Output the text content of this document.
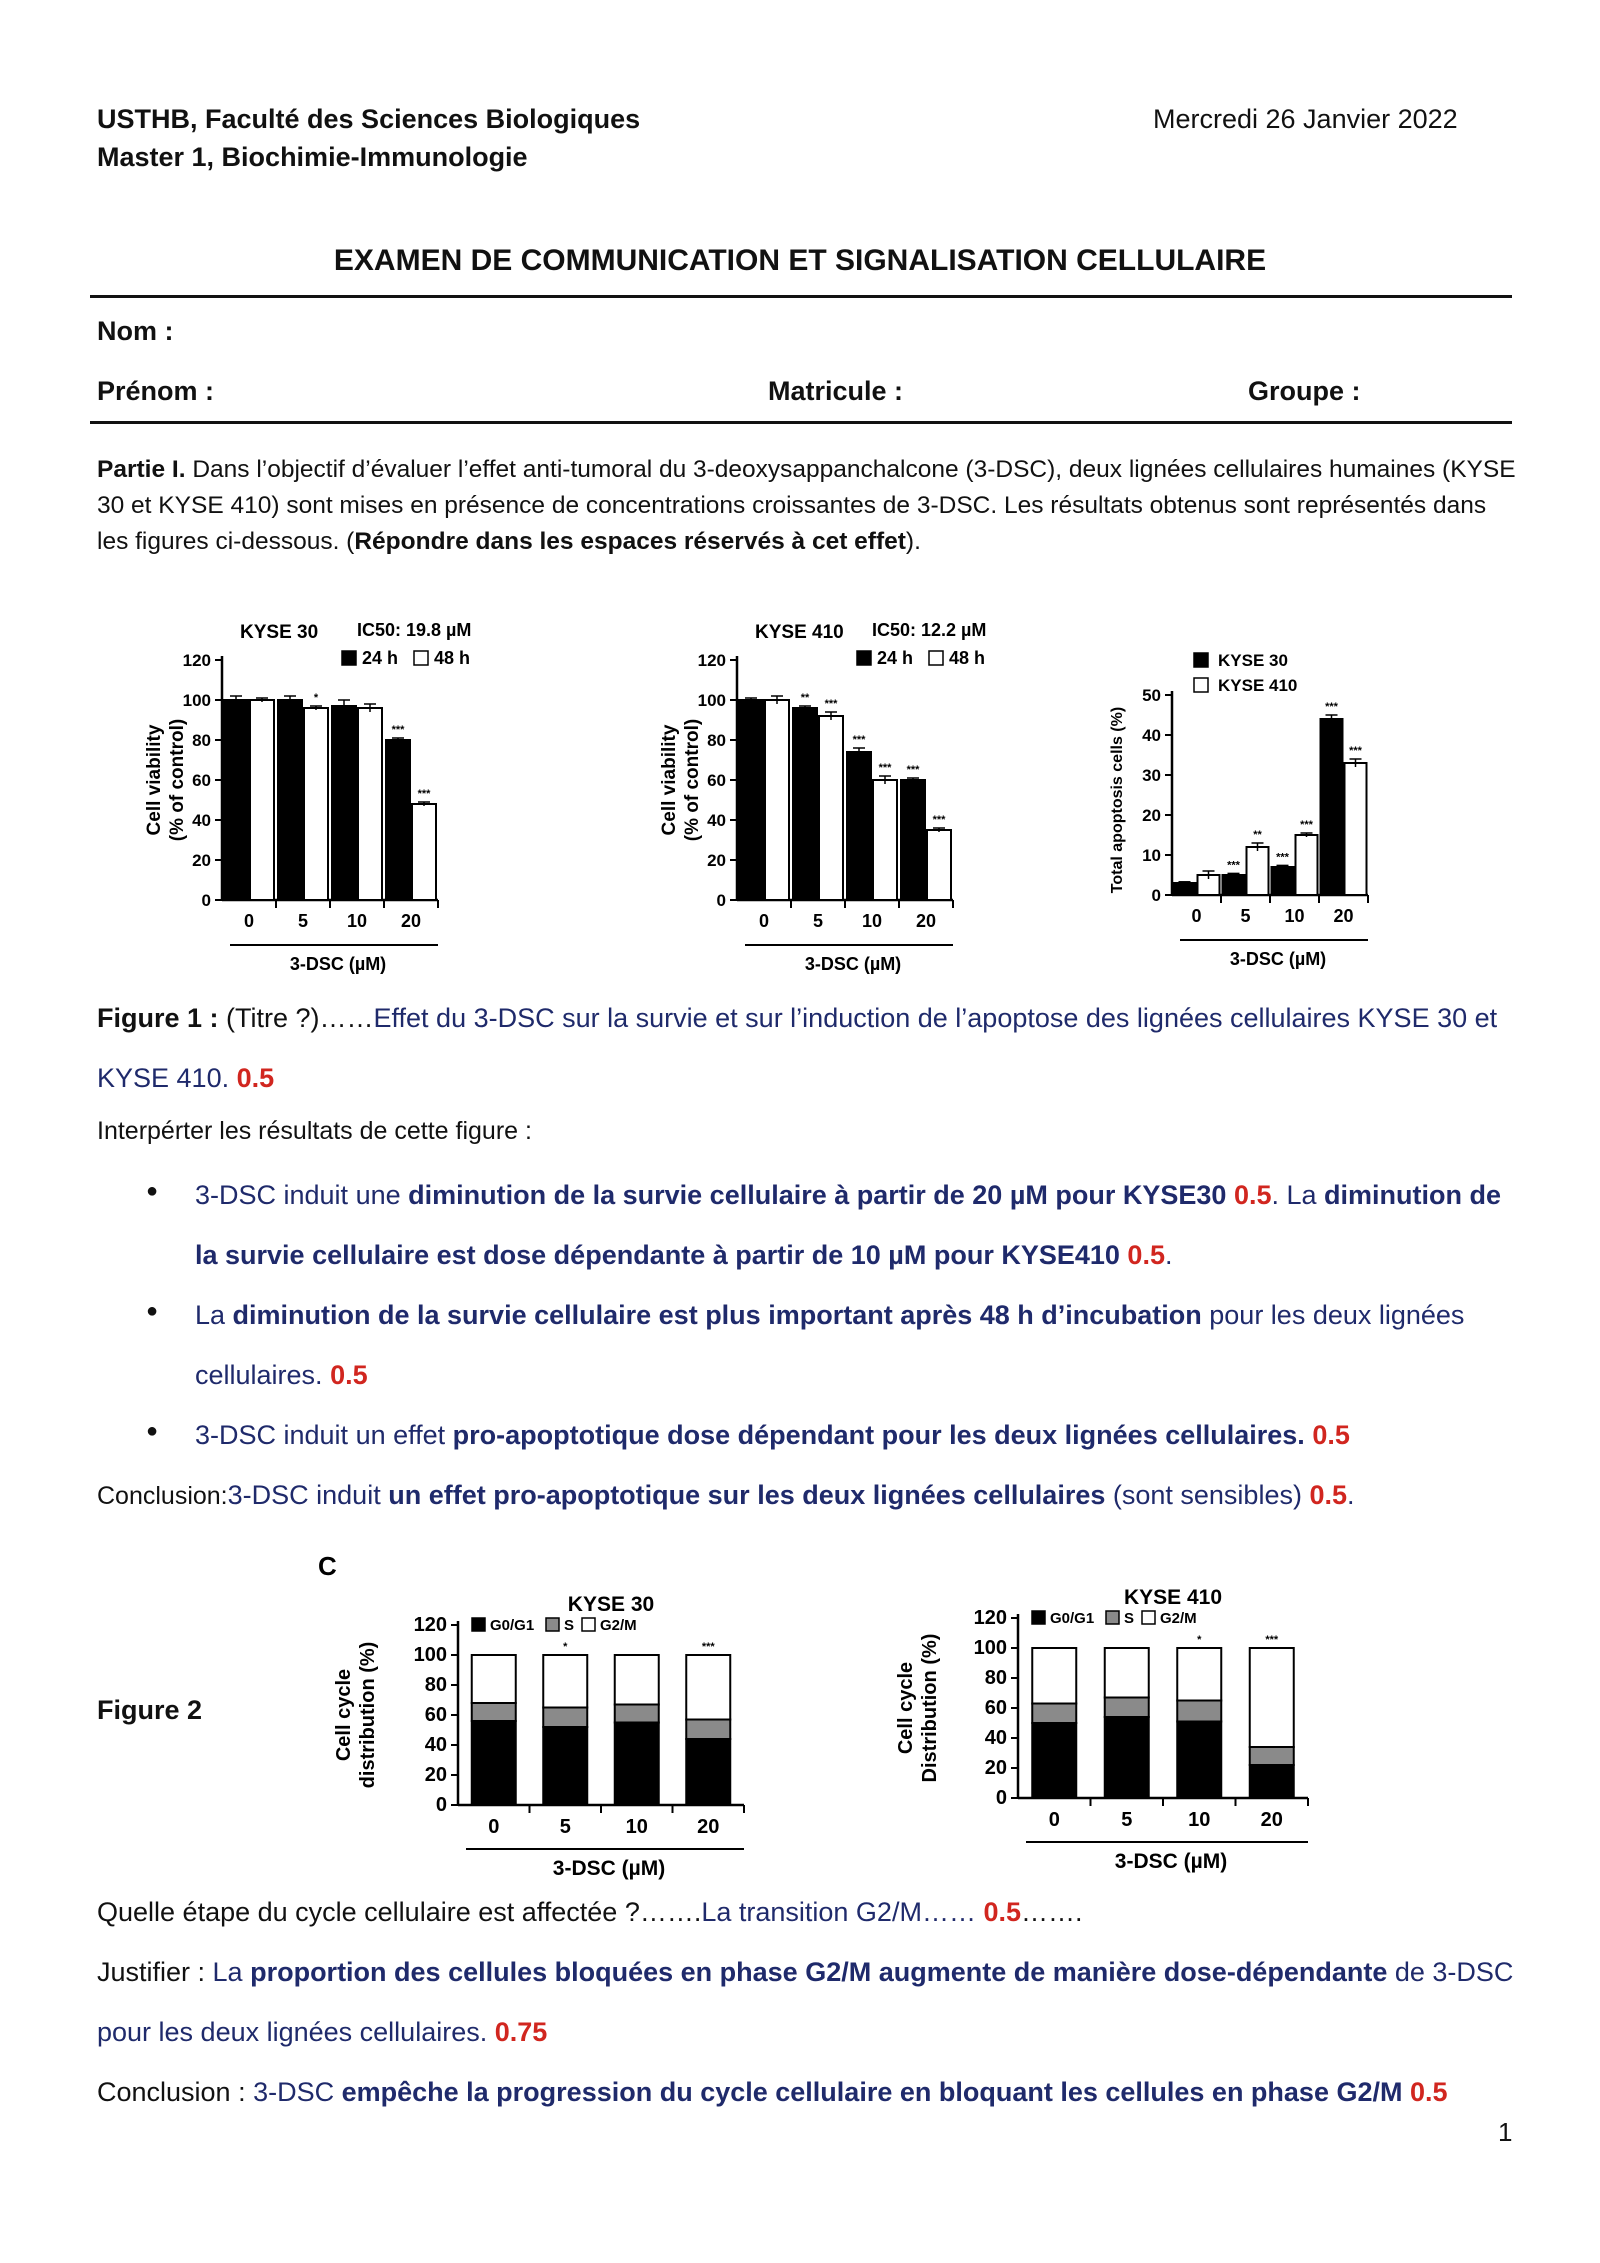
USTHB, Faculté des Sciences Biologiques
Master 1, Biochimie-Immunologie
Mercredi 26 Janvier 2022
EXAMEN DE COMMUNICATION ET SIGNALISATION CELLULAIRE
Nom :
Prénom :	Matricule :	Groupe :
Partie I. Dans l’objectif d’évaluer l’effet anti-tumoral du 3-deoxysappanchalcone (3-DSC), deux lignées cellulaires humaines (KYSE 30 et KYSE 410) sont mises en présence de concentrations croissantes de 3-DSC. Les résultats obtenus sont représentés dans les figures ci-dessous. (Répondre dans les espaces réservés à cet effet).
0
20
40
60
80
100
120
0 5
*
10 20
***
***
3-DSC (µM)
Cell viability (% of control)
KYSE 30 IC50: 19.8 µM
24 h 48 h
0
20
40
60
80
100
120
0 5
** ***
10
***
***
20
***
***
3-DSC (µM)
Cell viability (% of control)
KYSE 410 IC50: 12.2 µM
24 h 48 h
0
10
20
30
40
50
0 5
***
**
10
***
***
20
***
***
3-DSC (µM)
Total apoptosis cells (%)
KYSE 30
KYSE 410
Figure 1 : (Titre ?)……Effet du 3-DSC sur la survie et sur l’induction de l’apoptose des lignées cellulaires KYSE 30 et KYSE 410. 0.5
Interpérter les résultats de cette figure :
● 3-DSC induit une diminution de la survie cellulaire à partir de 20 µM pour KYSE30 0.5. La diminution de la survie cellulaire est dose dépendante à partir de 10 µM pour KYSE410 0.5.
● La diminution de la survie cellulaire est plus important après 48 h d’incubation pour les deux lignées cellulaires. 0.5
● 3-DSC induit un effet pro-apoptotique dose dépendant pour les deux lignées cellulaires. 0.5
Conclusion:3-DSC induit un effet pro-apoptotique sur les deux lignées cellulaires (sont sensibles) 0.5.
Figure 2
0
20
40
60
80
100
120
0	5
*
10 20
***
3-DSC (µM)
KYSE 30
G0/G1 S G2/M
C
Cell cycle distribution (%)
0
20
40
60
80
100
120
0	5	10
*
20
***
3-DSC (µM)
KYSE 410
G0/G1 S G2/M
Cell cycle Distribution (%)
Quelle étape du cycle cellulaire est affectée ?…….La transition G2/M…… 0.5…….
Justifier : La proportion des cellules bloquées en phase G2/M augmente de manière dose-dépendante de 3-DSC pour les deux lignées cellulaires. 0.75
Conclusion : 3-DSC empêche la progression du cycle cellulaire en bloquant les cellules en phase G2/M 0.5
1
